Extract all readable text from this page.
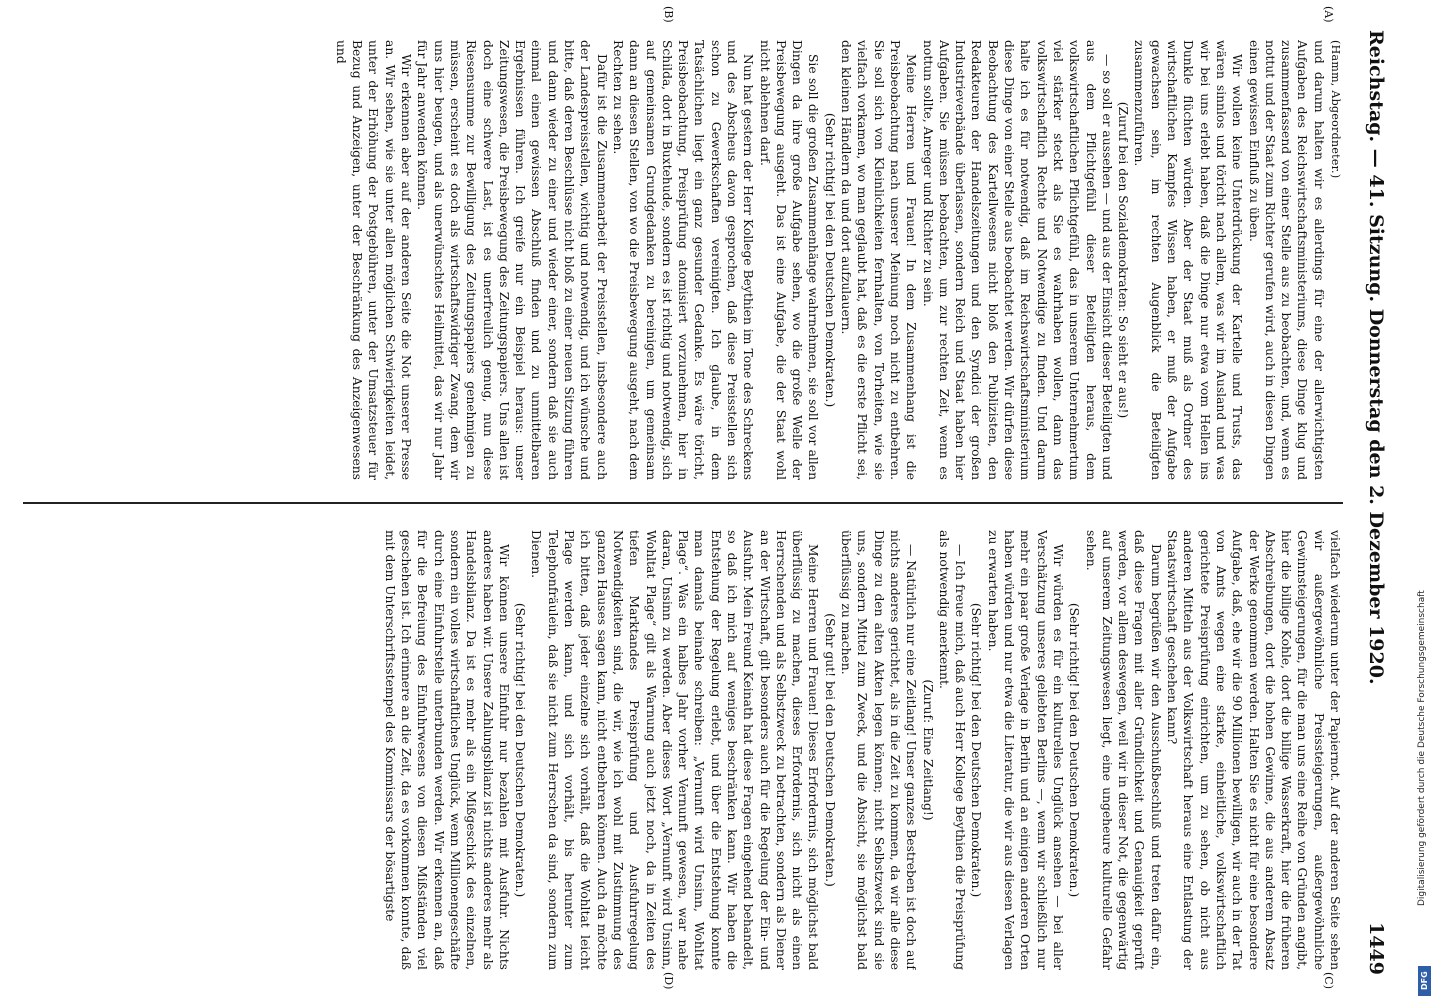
Reichstag. — 41. Sitzung. Donnerstag den 2. Dezember 1920.
1449
(A)
(B)
(C)
(D)

(Hamm, Abgeordneter.)

und darum halten wir es allerdings für eine der allerwichtigsten Aufgaben des Reichswirtschaftsministeriums, diese Dinge klug und zusammenfassend von einer Stelle aus zu beobachten, und, wenn es nottut und der Staat zum Richter gerufen wird, auch in diesen Dingen einen gewissen Einfluß zu üben.

Wir wollen keine Unterdrückung der Kartelle und Trusts, das wären sinnlos und töricht nach allem, was wir im Ausland und was wir bei uns erlebt haben, daß die Dinge nur etwa vom Hellen ins Dunkle flüchten würden. Aber der Staat muß als Ordner des wirtschaftlichen Kampfes Wissen haben, er muß der Aufgabe gewachsen sein, im rechten Augenblick die Beteiligten zusammenzuführen.

(Zuruf bei den Sozialdemokraten: So sieht er aus!)

— so soll er aussehen — und aus der Einsicht dieser Beteiligten und aus dem Pflichtgefühl dieser Beteiligten heraus, dem volkswirtschaftlichen Pflichtgefühl, das in unserem Unternehmertum viel stärker steckt als Sie es wahrhaben wollen, dann das volkswirtschaftlich Rechte und Notwendige zu finden. Und darum halte ich es für notwendig, daß im Reichswirtschaftsministerium diese Dinge von einer Stelle aus beobachtet werden. Wir dürfen diese Beobachtung des Kartellwesens nicht bloß den Publizisten, den Redakteuren der Handelszeitungen und den Syndici der großen Industrieverbände überlassen, sondern Reich und Staat haben hier Aufgaben. Sie müssen beobachten, um zur rechten Zeit, wenn es nottun sollte, Anreger und Richter zu sein.

Meine Herren und Frauen! In dem Zusammenhang ist die Preisbeobachtung nach unserer Meinung noch nicht zu entbehren. Sie soll sich von Kleinlichkeiten fernhalten, von Torheiten, wie sie vielfach vorkamen, wo man geglaubt hat, daß es die erste Pflicht sei, den kleinen Händlern da und dort aufzulauern.

(Sehr richtig! bei den Deutschen Demokraten.)

Sie soll die großen Zusammenhänge wahrnehmen, sie soll vor allen Dingen da ihre große Aufgabe sehen, wo die große Welle der Preisbewegung ausgeht. Das ist eine Aufgabe, die der Staat wohl nicht ablehnen darf.

Nun hat gestern der Herr Kollege Beythien im Tone des Schreckens und des Abscheus davon gesprochen, daß diese Preisstellen sich schon zu Gewerkschaften vereinigten. Ich glaube, in dem Tatsächlichen liegt ein ganz gesunder Gedanke. Es wäre töricht, Preisbeobachtung, Preisprüfung atomisiert vorzunehmen, hier in Schilda, dort in Buxtehude, sondern es ist richtig und notwendig, sich auf gemeinsamen Grundgedanken zu bereinigen, um gemeinsam dann an diesen Stellen, von wo die Preisbewegung ausgeht, nach dem Rechten zu sehen.

Dafür ist die Zusammenarbeit der Preisstellen, insbesondere auch der Landespreisstellen, wichtig und notwendig, und ich wünsche und bitte, daß deren Beschlüsse nicht bloß zu einer neuen Sitzung führen und dann wieder zu einer und wieder einer, sondern daß sie auch einmal einen gewissen Abschluß finden und zu unmittelbaren Ergebnissen führen. Ich greife nur ein Beispiel heraus: unser Zeitungswesen, die Preisbewegung des Zeitungspapiers. Uns allen ist doch eine schwere Last, ist es unerfreulich genug, nun diese Riesensumme zur Bewilligung des Zeitungspapiers genehmigen zu müssen, erscheint es doch als wirtschaftswidriger Zwang, dem wir uns hier beugen, und als unerwünschtes Heilmittel, das wir nur Jahr für Jahr anwenden können.

Wir erkennen aber auf der anderen Seite die Not unserer Presse an. Wir sehen, wie sie unter allen möglichen Schwierigkeiten leidet, unter der Erhöhung der Postgebühren, unter der Umsatzsteuer für Bezug und Anzeigen, unter der Beschränkung des Anzeigenwesens und

vielfach wiederum unter der Papiernot. Auf der anderen Seite sehen wir außergewöhnliche Preissteigerungen, außergewöhnliche Gewinnsteigerungen, für die man uns eine Reihe von Gründen angibt, hier die billige Kohle, dort die billige Wasserkraft, hier die früheren Abschreibungen, dort die hohen Gewinne, die aus anderem Absatz der Werke genommen werden. Halten Sie es nicht für eine besondere Aufgabe, daß, ehe wir die 90 Millionen bewilligen, wir auch in der Tat von Amts wegen eine starke, einheitliche, volkswirtschaftlich gerichtete Preisprüfung einrichten, um zu sehen, ob nicht aus anderen Mitteln aus der Volkswirtschaft heraus eine Entlastung der Staatswirtschaft geschehen kann?

Darum begrüßen wir den Ausschußbeschluß und treten dafür ein, daß diese Fragen mit aller Gründlichkeit und Genauigkeit geprüft werden, vor allem deswegen, weil wir in dieser Not, die gegenwärtig auf unserem Zeitungswesen liegt, eine ungeheure kulturelle Gefahr sehen.

(Sehr richtig! bei den Deutschen Demokraten.)

Wir würden es für ein kulturelles Unglück ansehen — bei aller Verschätzung unseres geliebten Berlins —, wenn wir schließlich nur mehr ein paar große Verlage in Berlin und an einigen anderen Orten haben würden und nur etwa die Literatur, die wir aus diesen Verlagen zu erwarten haben.

(Sehr richtig! bei den Deutschen Demokraten.)

— Ich freue mich, daß auch Herr Kollege Beythien die Preisprüfung als notwendig anerkennt.

(Zuruf: Eine Zeitlang!)

— Natürlich nur eine Zeitlang! Unser ganzes Bestreben ist doch auf nichts anderes gerichtet, als in die Zeit zu kommen, da wir alle diese Dinge zu den alten Akten legen können; nicht Selbstzweck sind sie uns, sondern Mittel zum Zweck, und die Absicht, sie möglichst bald überflüssig zu machen.

(Sehr gut! bei den Deutschen Demokraten.)

Meine Herren und Frauen! Dieses Erfordernis, sich möglichst bald überflüssig zu machen, dieses Erfordernis, sich nicht als einen Herrschenden und als Selbstzweck zu betrachten, sondern als Diener an der Wirtschaft, gilt besonders auch für die Regelung der Ein- und Ausfuhr. Mein Freund Keinath hat diese Fragen eingehend behandelt, so daß ich mich auf weniges beschränken kann. Wir haben die Entstehung der Regelung erlebt, und über die Entstehung konnte man damals beinahe schreiben: „Vernunft wird Unsinn, Wohltat Plage“. Was ein halbes Jahr vorher Vernunft gewesen, war nahe daran, Unsinn zu werden. Aber dieses Wort „Vernunft wird Unsinn, Wohltat Plage“ gilt als Warnung auch jetzt noch, da in Zeiten des tiefen Marktandes Preisprüfung und Ausfuhrregelung Notwendigkeiten sind, die wir, wie ich wohl mit Zustimmung des ganzen Hauses sagen kann, nicht entbehren können. Auch da möchte ich bitten, daß jeder einzelne sich vorhält, daß die Wohltat leicht Plage werden kann, und sich vorhält, bis herunter zum Telephonfräulein, daß sie nicht zum Herrschen da sind, sondern zum Dienen.

(Sehr richtig! bei den Deutschen Demokraten.)

Wir können unsere Einfuhr nur bezahlen mit Ausfuhr. Nichts anderes haben wir. Unsere Zahlungsbilanz ist nichts anderes mehr als Handelsbilanz. Da ist es mehr als ein Mißgeschick des einzelnen, sondern ein volles wirtschaftliches Unglück, wenn Millionengeschäfte durch eine Einfuhrstelle unterbunden werden. Wir erkennen an, daß für die Befreiung des Einfuhrwesens von diesen Mißständen viel geschehen ist. Ich erinnere an die Zeit, da es vorkommen konnte, daß mit dem Unterschriftsstempel des Kommissars der bösartigste	Digitalisierung gefördert durch die Deutsche Forschungsgemeinschaft
DFG
